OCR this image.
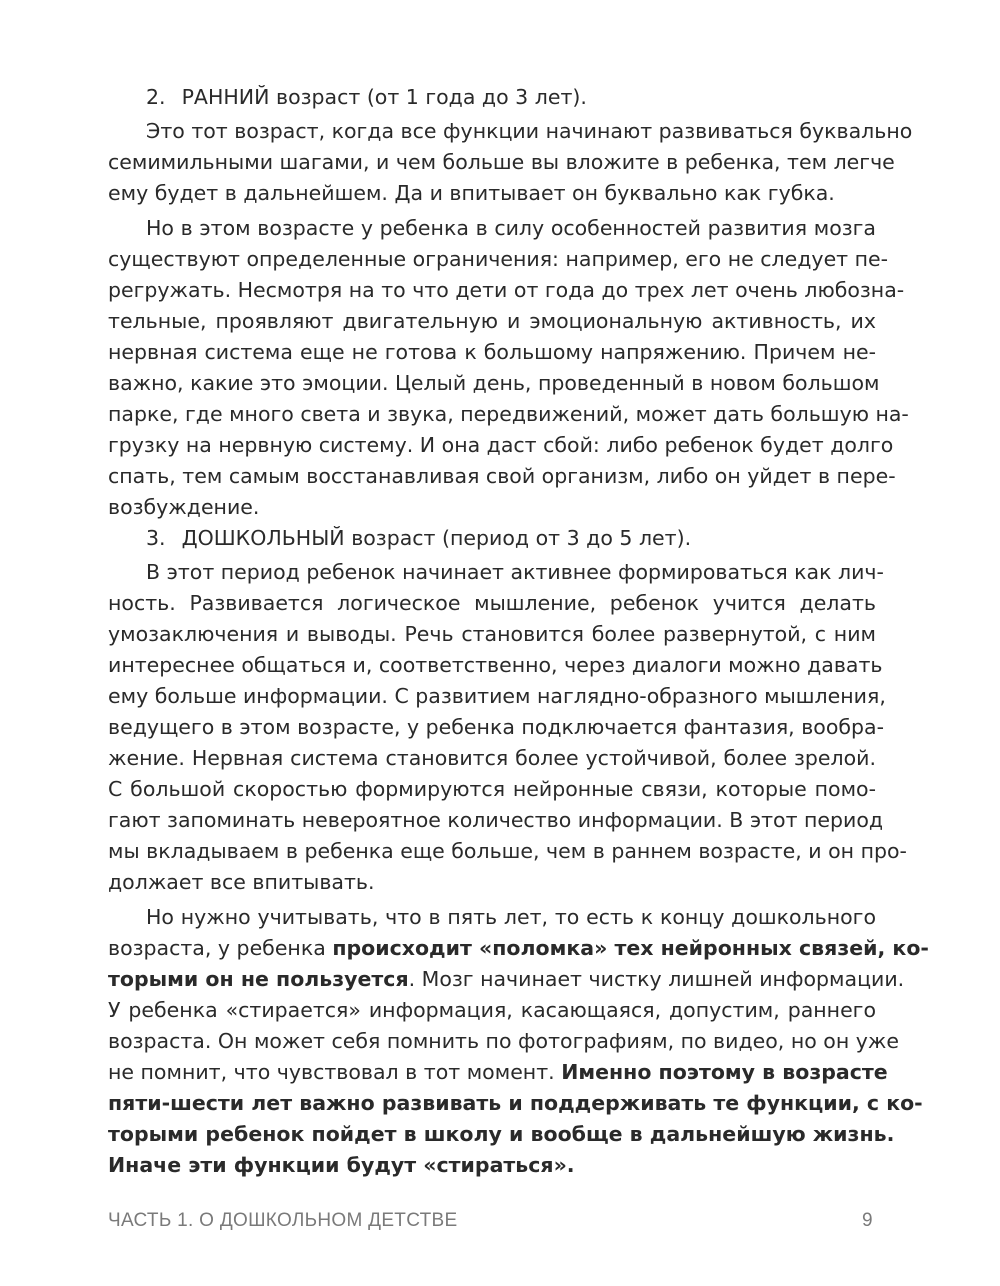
2. РАННИЙ возраст (от 1 года до 3 лет).
Это тот возраст, когда все функции начинают развиваться буквально
семимильными шагами, и чем больше вы вложите в ребенка, тем легче
ему будет в дальнейшем. Да и впитывает он буквально как губка.
Но в этом возрасте у ребенка в силу особенностей развития мозга
существуют определенные ограничения: например, его не следует пе-
регружать. Несмотря на то что дети от года до трех лет очень любозна-
тельные, проявляют двигательную и эмоциональную активность, их
нервная система еще не готова к большому напряжению. Причем не-
важно, какие это эмоции. Целый день, проведенный в новом большом
парке, где много света и звука, передвижений, может дать большую на-
грузку на нервную систему. И она даст сбой: либо ребенок будет долго
спать, тем самым восстанавливая свой организм, либо он уйдет в пере-
возбуждение.
3. ДОШКОЛЬНЫЙ возраст (период от 3 до 5 лет).
В этот период ребенок начинает активнее формироваться как лич-
ность. Развивается логическое мышление, ребенок учится делать
умозаключения и выводы. Речь становится более развернутой, с ним
интереснее общаться и, соответственно, через диалоги можно давать
ему больше информации. С развитием наглядно-образного мышления,
ведущего в этом возрасте, у ребенка подключается фантазия, вообра-
жение. Нервная система становится более устойчивой, более зрелой.
С большой скоростью формируются нейронные связи, которые помо-
гают запоминать невероятное количество информации. В этот период
мы вкладываем в ребенка еще больше, чем в раннем возрасте, и он про-
должает все впитывать.
Но нужно учитывать, что в пять лет, то есть к концу дошкольного
возраста, у ребенка происходит «поломка» тех нейронных связей, ко-
торыми он не пользуется. Мозг начинает чистку лишней информации.
У ребенка «стирается» информация, касающаяся, допустим, раннего
возраста. Он может себя помнить по фотографиям, по видео, но он уже
не помнит, что чувствовал в тот момент. Именно поэтому в возрасте
пяти-шести лет важно развивать и поддерживать те функции, с ко-
торыми ребенок пойдет в школу и вообще в дальнейшую жизнь.
Иначе эти функции будут «стираться».
ЧАСТЬ 1. О ДОШКОЛЬНОМ ДЕТСТВЕ	9
